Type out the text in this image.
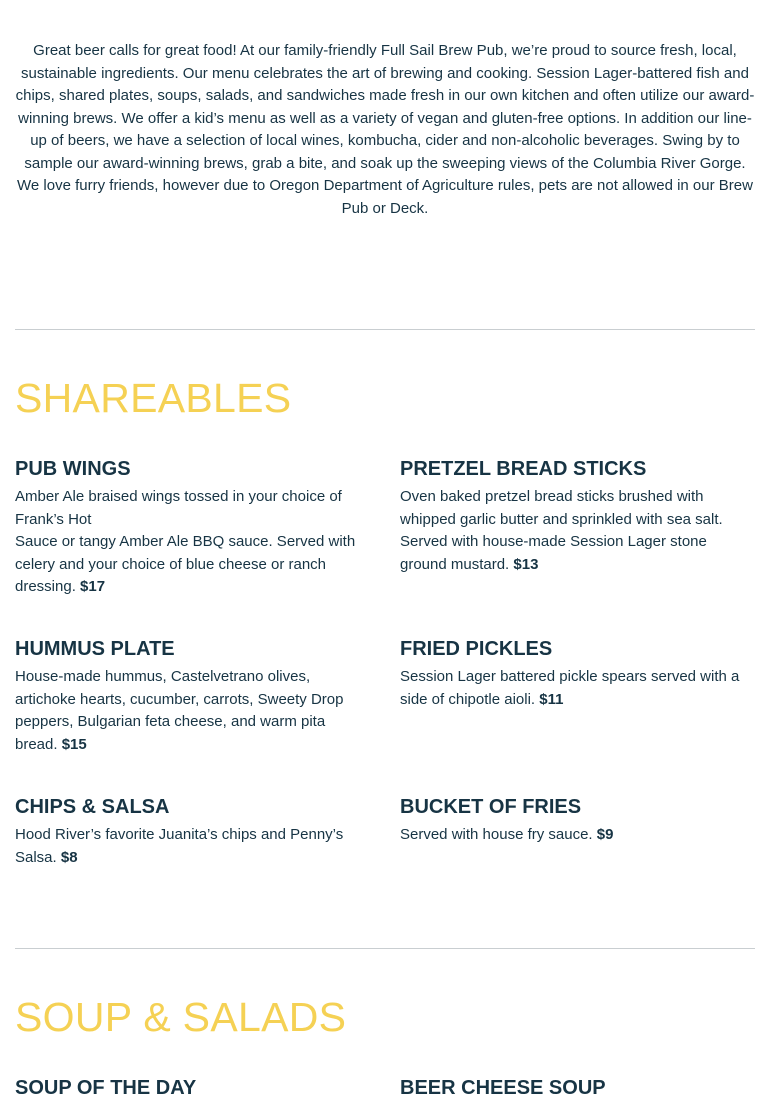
Great beer calls for great food! At our family-friendly Full Sail Brew Pub, we’re proud to source fresh, local, sustainable ingredients. Our menu celebrates the art of brewing and cooking. Session Lager-battered fish and chips, shared plates, soups, salads, and sandwiches made fresh in our own kitchen and often utilize our award-winning brews. We offer a kid’s menu as well as a variety of vegan and gluten-free options. In addition our line-up of beers, we have a selection of local wines, kombucha, cider and non-alcoholic beverages. Swing by to sample our award-winning brews, grab a bite, and soak up the sweeping views of the Columbia River Gorge. We love furry friends, however due to Oregon Department of Agriculture rules, pets are not allowed in our Brew Pub or Deck.

SHAREABLES
PUB WINGS

Amber Ale braised wings tossed in your choice of Frank’s Hot
Sauce or tangy Amber Ale BBQ sauce. Served with celery and your choice of blue cheese or ranch dressing. $17

PRETZEL BREAD STICKS

Oven baked pretzel bread sticks brushed with whipped garlic butter and sprinkled with sea salt. Served with house-made Session Lager stone ground mustard. $13

HUMMUS PLATE

House-made hummus, Castelvetrano olives, artichoke hearts, cucumber, carrots, Sweety Drop peppers, Bulgarian feta cheese, and warm pita bread. $15

FRIED PICKLES

Session Lager battered pickle spears served with a side of chipotle aioli. $11

CHIPS & SALSA

Hood River’s favorite Juanita’s chips and Penny’s Salsa. $8

BUCKET OF FRIES

Served with house fry sauce. $9

SOUP & SALADS
SOUP OF THE DAY	BEER CHEESE SOUP
